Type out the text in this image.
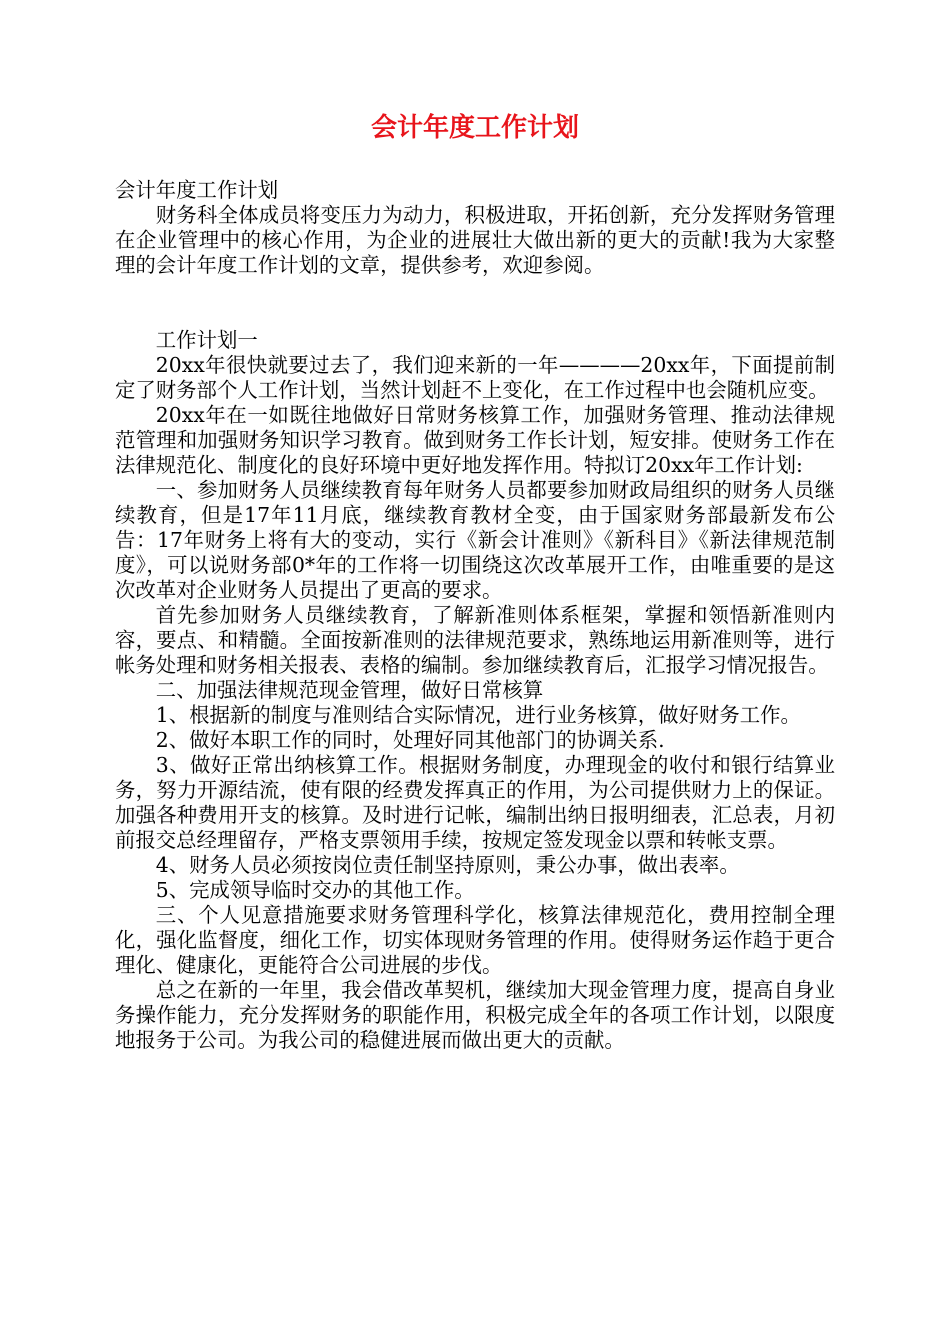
会计年度工作计划

会计年度工作计划

财务科全体成员将变压力为动力，积极进取，开拓创新，充分发挥财务管理在企业管理中的核心作用，为企业的进展壮大做出新的更大的贡献!我为大家整理的会计年度工作计划的文章，提供参考，欢迎参阅。

工作计划一

20xx年很快就要过去了，我们迎来新的一年————20xx年，下面提前制定了财务部个人工作计划，当然计划赶不上变化，在工作过程中也会随机应变。

20xx年在一如既往地做好日常财务核算工作，加强财务管理、推动法律规范管理和加强财务知识学习教育。做到财务工作长计划，短安排。使财务工作在法律规范化、制度化的良好环境中更好地发挥作用。特拟订20xx年工作计划:

一、参加财务人员继续教育每年财务人员都要参加财政局组织的财务人员继续教育，但是17年11月底，继续教育教材全变，由于国家财务部最新发布公告：17年财务上将有大的变动，实行《新会计准则》《新科目》《新法律规范制度》，可以说财务部0*年的工作将一切围绕这次改革展开工作，由唯重要的是这次改革对企业财务人员提出了更高的要求。

首先参加财务人员继续教育，了解新准则体系框架，掌握和领悟新准则内容，要点、和精髓。全面按新准则的法律规范要求，熟练地运用新准则等，进行帐务处理和财务相关报表、表格的编制。参加继续教育后，汇报学习情况报告。

二、加强法律规范现金管理，做好日常核算

1、根据新的制度与准则结合实际情况，进行业务核算，做好财务工作。

2、做好本职工作的同时，处理好同其他部门的协调关系.

3、做好正常出纳核算工作。根据财务制度，办理现金的收付和银行结算业务，努力开源结流，使有限的经费发挥真正的作用，为公司提供财力上的保证。加强各种费用开支的核算。及时进行记帐，编制出纳日报明细表，汇总表，月初前报交总经理留存，严格支票领用手续，按规定签发现金以票和转帐支票。

4、财务人员必须按岗位责任制坚持原则，秉公办事，做出表率。

5、完成领导临时交办的其他工作。

三、个人见意措施要求财务管理科学化，核算法律规范化，费用控制全理化，强化监督度，细化工作，切实体现财务管理的作用。使得财务运作趋于更合理化、健康化，更能符合公司进展的步伐。

总之在新的一年里，我会借改革契机，继续加大现金管理力度，提高自身业务操作能力，充分发挥财务的职能作用，积极完成全年的各项工作计划，以限度地报务于公司。为我公司的稳健进展而做出更大的贡献。
